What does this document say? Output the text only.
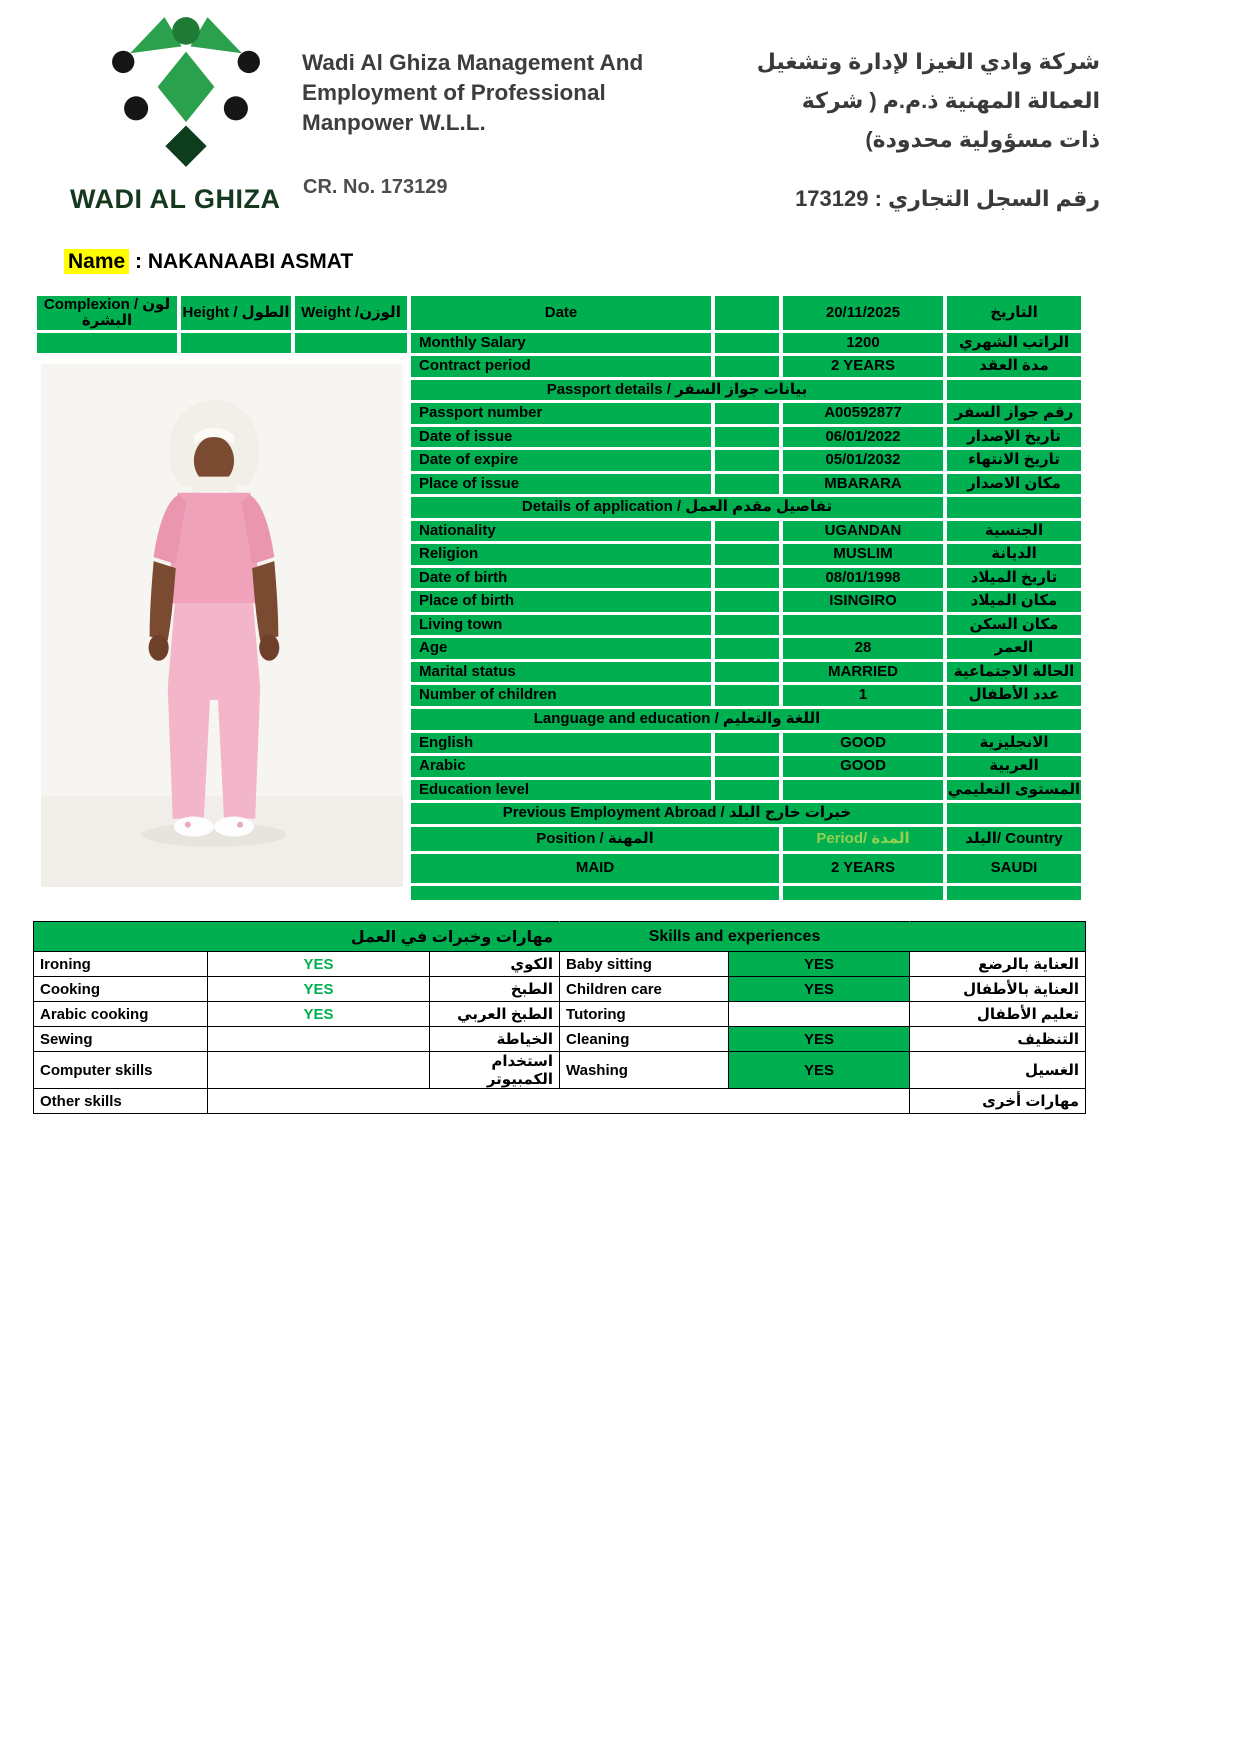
WADI AL GHIZA
Wadi Al Ghiza Management And
Employment of Professional
Manpower W.L.L.
CR. No. 173129
شركة وادي الغيزا لإدارة وتشغيل العمالة المهنية ذ.م.م ( شركة ذات مسؤولية محدودة)
رقم السجل التجاري : 173129
Name : NAKANAABI ASMAT
Complexion / لون البشرة	Height / الطول	Weight /الوزن	Date		20/11/2025	التاريخ
			Monthly Salary		1200	الراتب الشهري
	Contract period		2 YEARS	مدة العقد
			Passport details / بيانات جواز السفر			
			Passport number		A00592877	رقم جواز السفر
			Date of issue		06/01/2022	تاريخ الإصدار
			Date of expire		05/01/2032	تاريخ الانتهاء
			Place of issue		MBARARA	مكان الاصدار
			Details of application / تفاصيل مقدم العمل			
			Nationality		UGANDAN	الجنسية
			Religion		MUSLIM	الديانة
			Date of birth		08/01/1998	تاريخ الميلاد
			Place of birth		ISINGIRO	مكان الميلاد
			Living town			مكان السكن
			Age		28	العمر
			Marital status		MARRIED	الحالة الاجتماعية
			Number of children		1	عدد الأطفال
			Language and education / اللغة والتعليم			
			English		GOOD	الانجليزية
			Arabic		GOOD	العربية
			Education level			المستوى التعليمي
			Previous Employment Abroad / خبرات خارج البلد			
			Position / المهنة		Period/ المدة	Country /البلد
			MAID		2 YEARS	SAUDI

مهارات وخبرات في العمل			Skills and experiences		
Ironing	YES	الكوي	Baby sitting	YES	العناية بالرضع
Cooking	YES	الطبخ	Children care	YES	العناية بالأطفال
Arabic cooking	YES	الطبخ العربي	Tutoring		تعليم الأطفال
Sewing		الخياطة	Cleaning	YES	التنظيف
Computer skills		استخدام الكمبيوتر	Washing	YES	الغسيل
Other skills					مهارات أخرى
